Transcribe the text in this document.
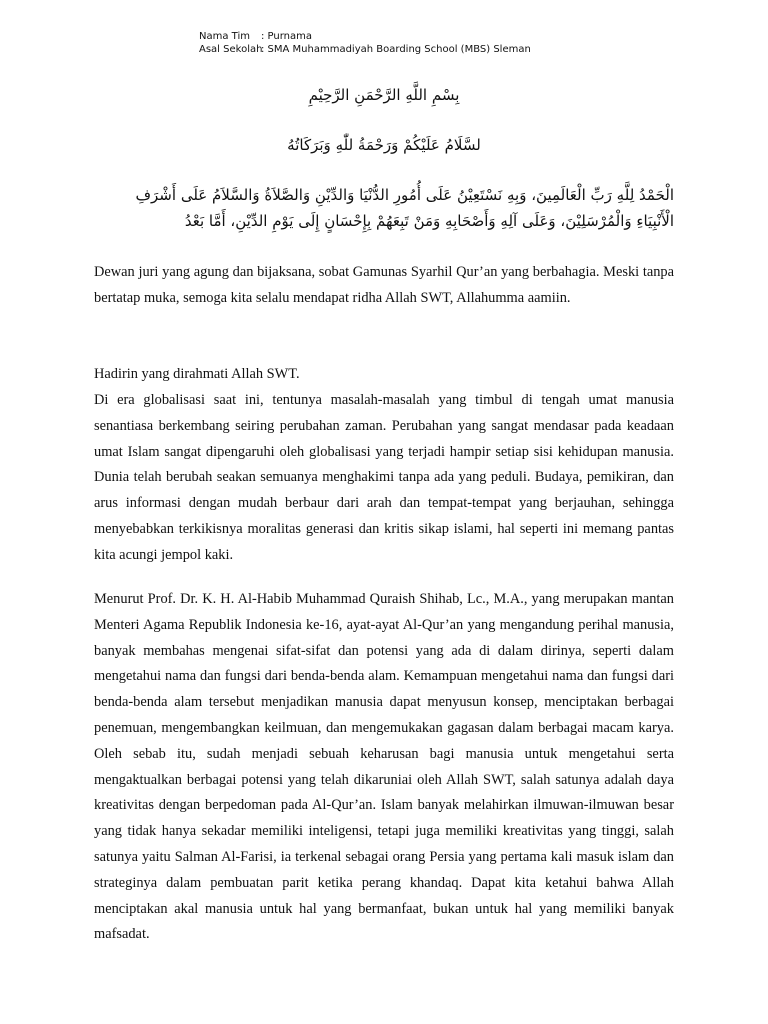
Nama Tim	: Purnama
Asal Sekolah
: SMA Muhammadiyah Boarding School (MBS) Sleman
بِسْمِ اللَّهِ الرَّحْمَنِ الرَّحِيْمِ
لسَّلَامُ عَلَيْكُمْ وَرَحْمَةُ للّٰهِ وَبَرَكَاتُهُ
الْحَمْدُ لِلَّهِ رَبِّ الْعَالَمِينَ، وَبِهِ نَسْتَعِيْنُ عَلَى أُمُورِ الدُّنْيَا وَالدِّيْنِ وَالصَّلاَةُ وَالسَّلاَمُ عَلَى أَشْرَفِ الْأَنْبِيَاءِ وَالْمُرْسَلِيْنَ، وَعَلَى آلِهِ وَأَصْحَابِهِ وَمَنْ تَبِعَهُمْ بِإِحْسَانٍ إِلَى يَوْمِ الدِّيْنِ، أَمَّا بَعْدُ
Dewan juri yang agung dan bijaksana, sobat Gamunas Syarhil Qur’an yang berbahagia. Meski tanpa bertatap muka, semoga kita selalu mendapat ridha Allah SWT, Allahumma aamiin.
Hadirin yang dirahmati Allah SWT.
Di era globalisasi saat ini, tentunya masalah-masalah yang timbul di tengah umat manusia senantiasa berkembang seiring perubahan zaman. Perubahan yang sangat mendasar pada keadaan umat Islam sangat dipengaruhi oleh globalisasi yang terjadi hampir setiap sisi kehidupan manusia. Dunia telah berubah seakan semuanya menghakimi tanpa ada yang peduli. Budaya, pemikiran, dan arus informasi dengan mudah berbaur dari arah dan tempat-tempat yang berjauhan, sehingga menyebabkan terkikisnya moralitas generasi dan kritis sikap islami, hal seperti ini memang pantas kita acungi jempol kaki.
Menurut Prof. Dr. K. H. Al-Habib Muhammad Quraish Shihab, Lc., M.A., yang merupakan mantan Menteri Agama Republik Indonesia ke-16, ayat-ayat Al-Qur’an yang mengandung perihal manusia, banyak membahas mengenai sifat-sifat dan potensi yang ada di dalam dirinya, seperti dalam mengetahui nama dan fungsi dari benda-benda alam. Kemampuan mengetahui nama dan fungsi dari benda-benda alam tersebut menjadikan manusia dapat menyusun konsep, menciptakan berbagai penemuan, mengembangkan keilmuan, dan mengemukakan gagasan dalam berbagai macam karya. Oleh sebab itu, sudah menjadi sebuah keharusan bagi manusia untuk mengetahui serta mengaktualkan berbagai potensi yang telah dikaruniai oleh Allah SWT, salah satunya adalah daya kreativitas dengan berpedoman pada Al-Qur’an. Islam banyak melahirkan ilmuwan-ilmuwan besar yang tidak hanya sekadar memiliki inteligensi, tetapi juga memiliki kreativitas yang tinggi, salah satunya yaitu Salman Al-Farisi, ia terkenal sebagai orang Persia yang pertama kali masuk islam dan strateginya dalam pembuatan parit ketika perang khandaq. Dapat kita ketahui bahwa Allah menciptakan akal manusia untuk hal yang bermanfaat, bukan untuk hal yang memiliki banyak mafsadat.
